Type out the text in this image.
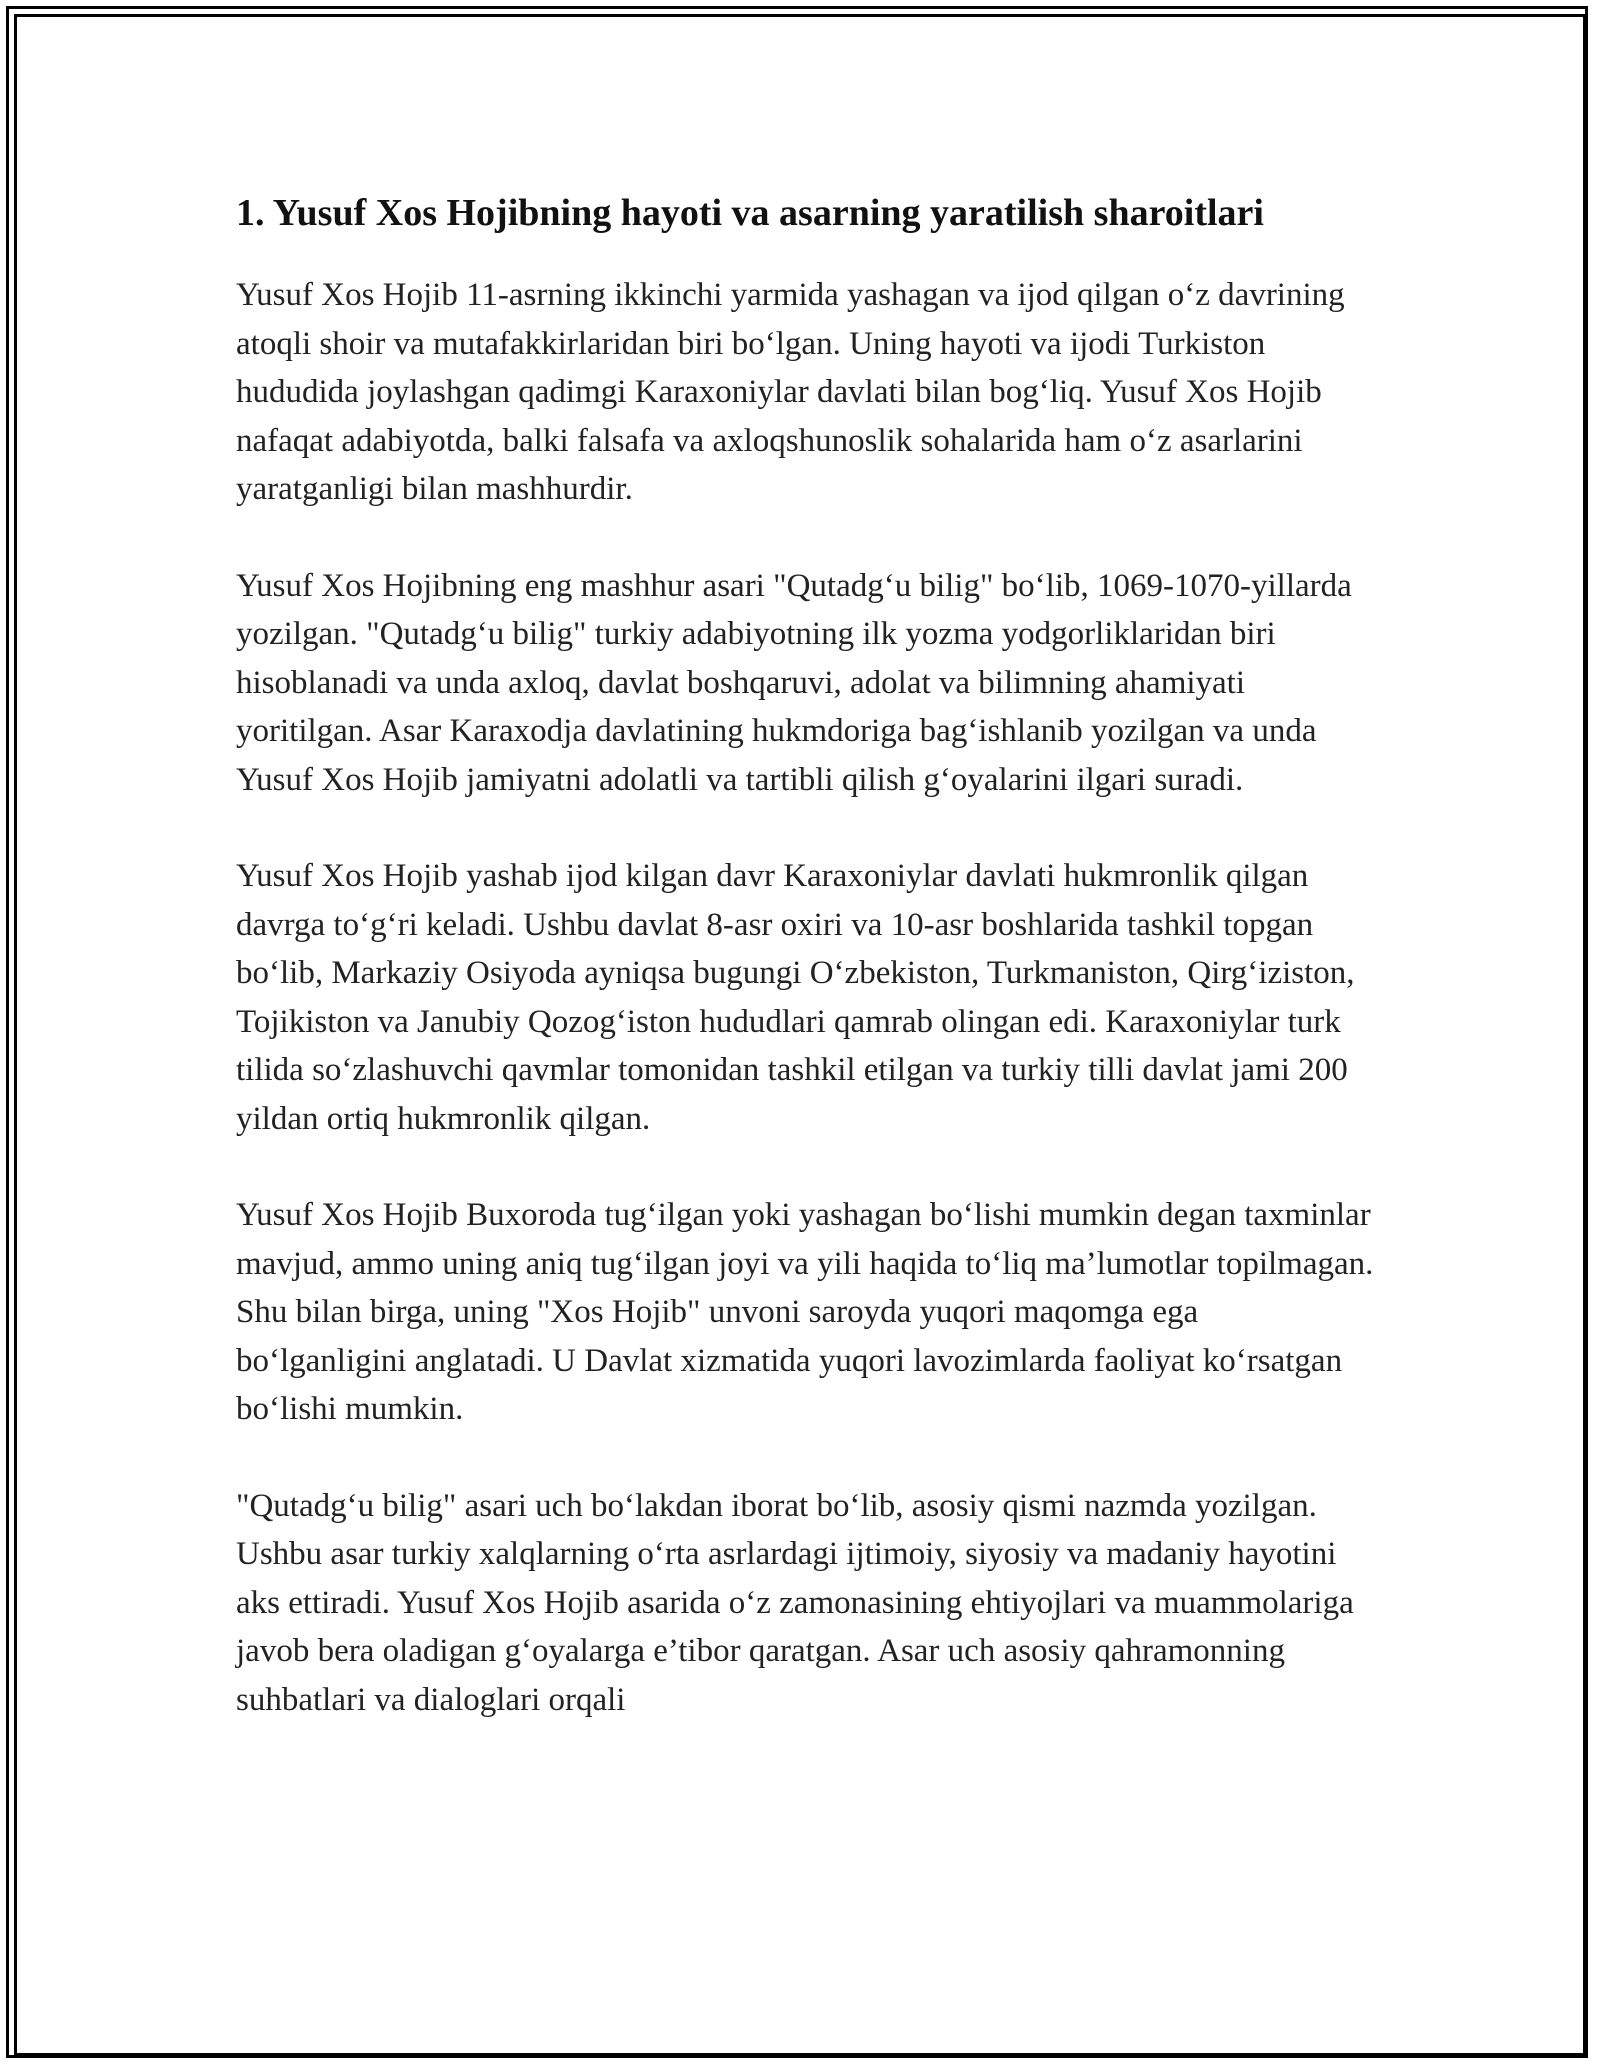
1. Yusuf Xos Hojibning hayoti va asarning yaratilish sharoitlari

Yusuf Xos Hojib 11-asrning ikkinchi yarmida yashagan va ijod qilgan o‘z davrining atoqli shoir va mutafakkirlaridan biri bo‘lgan. Uning hayoti va ijodi Turkiston hududida joylashgan qadimgi Karaxoniylar davlati bilan bog‘liq. Yusuf Xos Hojib nafaqat adabiyotda, balki falsafa va axloqshunoslik sohalarida ham o‘z asarlarini yaratganligi bilan mashhurdir.

Yusuf Xos Hojibning eng mashhur asari "Qutadg‘u bilig" bo‘lib, 1069-1070-yillarda yozilgan. "Qutadg‘u bilig" turkiy adabiyotning ilk yozma yodgorliklaridan biri hisoblanadi va unda axloq, davlat boshqaruvi, adolat va bilimning ahamiyati yoritilgan. Asar Karaxodja davlatining hukmdoriga bag‘ishlanib yozilgan va unda Yusuf Xos Hojib jamiyatni adolatli va tartibli qilish g‘oyalarini ilgari suradi.

Yusuf Xos Hojib yashab ijod kilgan davr Karaxoniylar davlati hukmronlik qilgan davrga to‘g‘ri keladi. Ushbu davlat 8-asr oxiri va 10-asr boshlarida tashkil topgan bo‘lib, Markaziy Osiyoda ayniqsa bugungi O‘zbekiston, Turkmaniston, Qirg‘iziston, Tojikiston va Janubiy Qozog‘iston hududlari qamrab olingan edi. Karaxoniylar turk tilida so‘zlashuvchi qavmlar tomonidan tashkil etilgan va turkiy tilli davlat jami 200 yildan ortiq hukmronlik qilgan.

Yusuf Xos Hojib Buxoroda tug‘ilgan yoki yashagan bo‘lishi mumkin degan taxminlar mavjud, ammo uning aniq tug‘ilgan joyi va yili haqida to‘liq ma’lumotlar topilmagan. Shu bilan birga, uning "Xos Hojib" unvoni saroyda yuqori maqomga ega bo‘lganligini anglatadi. U Davlat xizmatida yuqori lavozimlarda faoliyat ko‘rsatgan bo‘lishi mumkin.

"Qutadg‘u bilig" asari uch bo‘lakdan iborat bo‘lib, asosiy qismi nazmda yozilgan. Ushbu asar turkiy xalqlarning o‘rta asrlardagi ijtimoiy, siyosiy va madaniy hayotini aks ettiradi. Yusuf Xos Hojib asarida o‘z zamonasining ehtiyojlari va muammolariga javob bera oladigan g‘oyalarga e’tibor qaratgan. Asar uch asosiy qahramonning suhbatlari va dialoglari orqali
